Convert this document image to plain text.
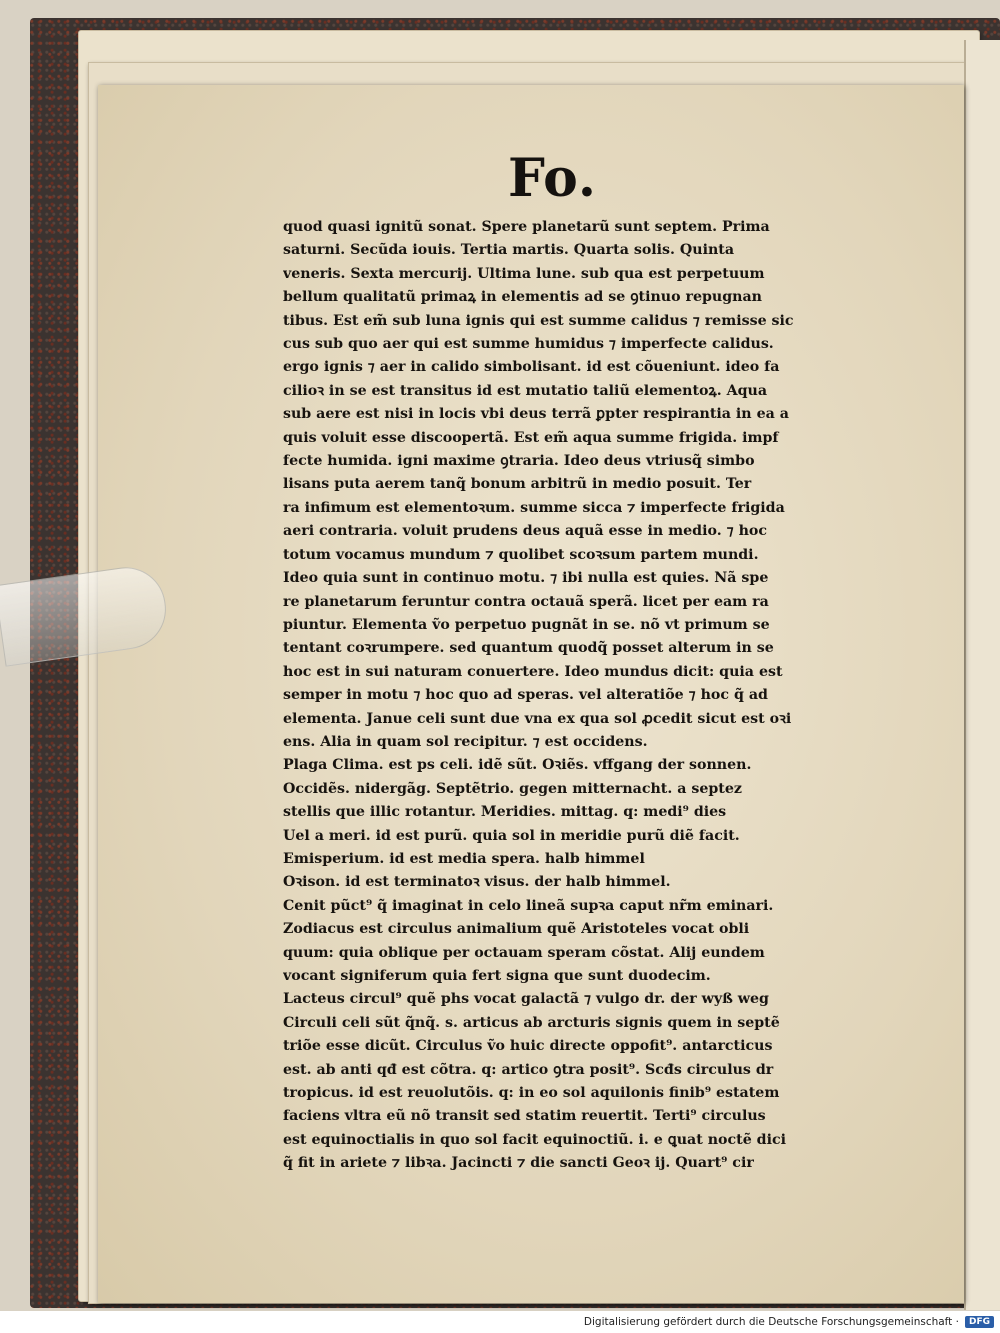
Fo.
quod quasi ignitũ sonat. Spere planetarũ sunt septem. Prima
saturni. Secũda iouis. Tertia martis. Quarta solis. Quinta
veneris. Sexta mercurij. Ultima lune. sub qua est perpetuum
bellum qualitatũ primaꝝ in elementis ad se ꝯtinuo repugnan
tibus. Est em̃ sub luna ignis qui est summe calidus ⁊ remisse sic
cus sub quo aer qui est summe humidus ⁊ imperfecte calidus.
ergo ignis ⁊ aer in calido simbolisant. id est cõueniunt. ideo fa
cilioꝛ in se est transitus id est mutatio taliũ elementoꝝ. Aqua
sub aere est nisi in locis vbi deus terrã ꝑpter respirantia in ea a
quis voluit esse discoopertã. Est em̃ aqua summe frigida. impf
fecte humida. igni maxime ꝯtraria. Ideo deus vtriusq̃ simbo
lisans puta aerem tanq̃ bonum arbitrũ in medio posuit. Ter
ra infimum est elementoꝛum. summe sicca ⁊ imperfecte frigida
aeri contraria. voluit prudens deus aquã esse in medio. ⁊ hoc
totum vocamus mundum ⁊ quolibet scoꝛsum partem mundi.
Ideo quia sunt in continuo motu. ⁊ ibi nulla est quies. Nã spe
re planetarum feruntur contra octauã sperã. licet per eam ra
piuntur. Elementa ṽo perpetuo pugnãt in se. nõ vt primum se
tentant coꝛrumpere. sed quantum quodq̃ posset alterum in se
hoc est in sui naturam conuertere. Ideo mundus dicit: quia est
semper in motu ⁊ hoc quo ad speras. vel alteratiõe ⁊ hoc q̃ ad
elementa. Janue celi sunt due vna ex qua sol ꝓcedit sicut est oꝛi
ens. Alia in quam sol recipitur. ⁊ est occidens.
Plaga Clima. est ps celi. idẽ sũt. Oꝛiẽs. vffgang der sonnen.
Occidẽs. nidergãg. Septẽtrio. gegen mitternacht. a septez
stellis que illic rotantur. Meridies. mittag. q: medi⁹ dies
Uel a meri. id est purũ. quia sol in meridie purũ diẽ facit.
Emisperium. id est media spera. halb himmel
Oꝛison. id est terminatoꝛ visus. der halb himmel.
Cenit pũct⁹ q̃ imaginat in celo lineã supꝛa caput nr̃m eminari.
Zodiacus est circulus animalium quẽ Aristoteles vocat obli
quum: quia oblique per octauam speram cõstat. Alij eundem
vocant signiferum quia fert signa que sunt duodecim.
Lacteus circul⁹ quẽ phs vocat galactã ⁊ vulgo dr. der wyß weg
Circuli celi sũt q̃nq̃. s. articus ab arcturis signis quem in septẽ
triõe esse dicũt. Circulus ṽo huic directe oppofit⁹. antarcticus
est. ab anti qđ est cõtra. q: artico ꝯtra posit⁹. Scđs circulus dr
tropicus. id est reuolutõis. q: in eo sol aquilonis finib⁹ estatem
faciens vltra eũ nõ transit sed statim reuertit. Terti⁹ circulus
est equinoctialis in quo sol facit equinoctiũ. i. e ꝗuat noctẽ dici
q̃ fit in ariete ⁊ libꝛa. Jacincti ⁊ die sancti Geoꝛ ij. Quart⁹ cir
Digitalisierung gefördert durch die Deutsche Forschungsgemeinschaft ·	DFG
